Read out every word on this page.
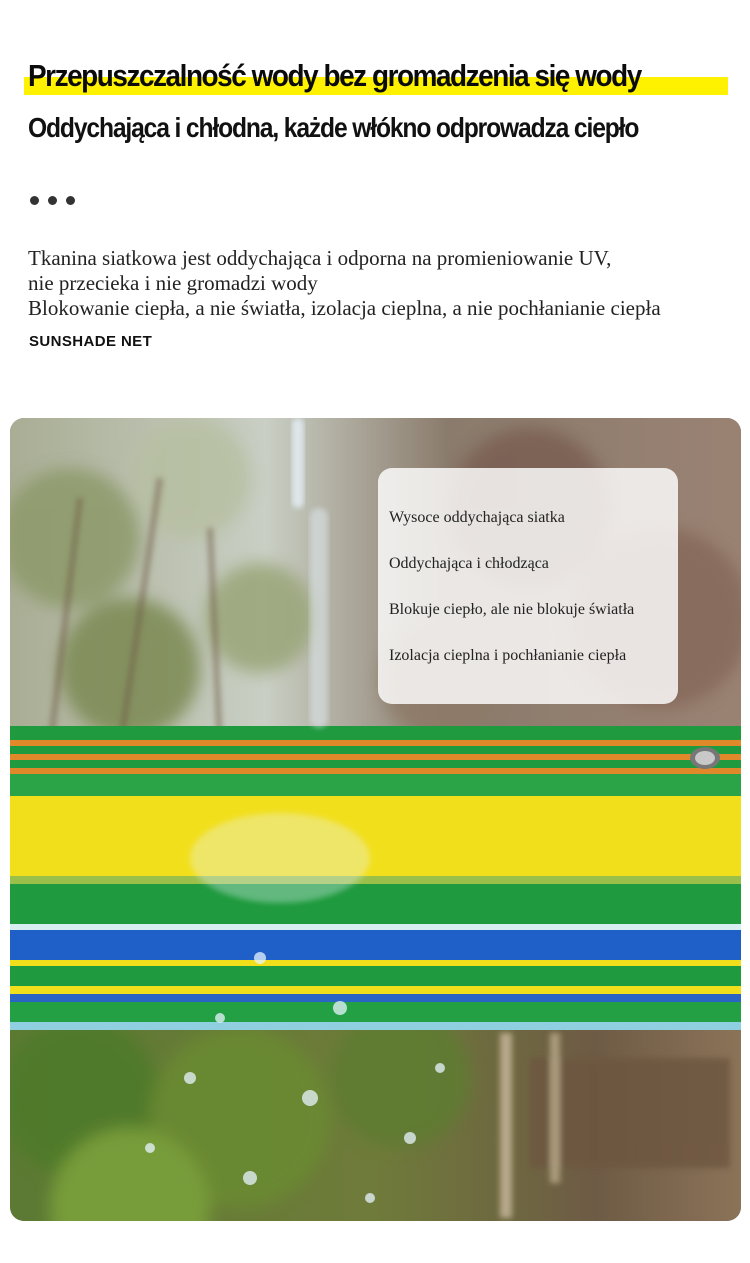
Przepuszczalność wody bez gromadzenia się wody
Oddychająca i chłodna, każde włókno odprowadza ciepło

Tkanina siatkowa jest oddychająca i odporna na promieniowanie UV,

nie przecieka i nie gromadzi wody

Blokowanie ciepła, a nie światła, izolacja cieplna, a nie pochłanianie ciepła

SUNSHADE NET
Wysoce oddychająca siatka
Oddychająca i chłodząca
Blokuje ciepło, ale nie blokuje światła
Izolacja cieplna i pochłanianie ciepła
